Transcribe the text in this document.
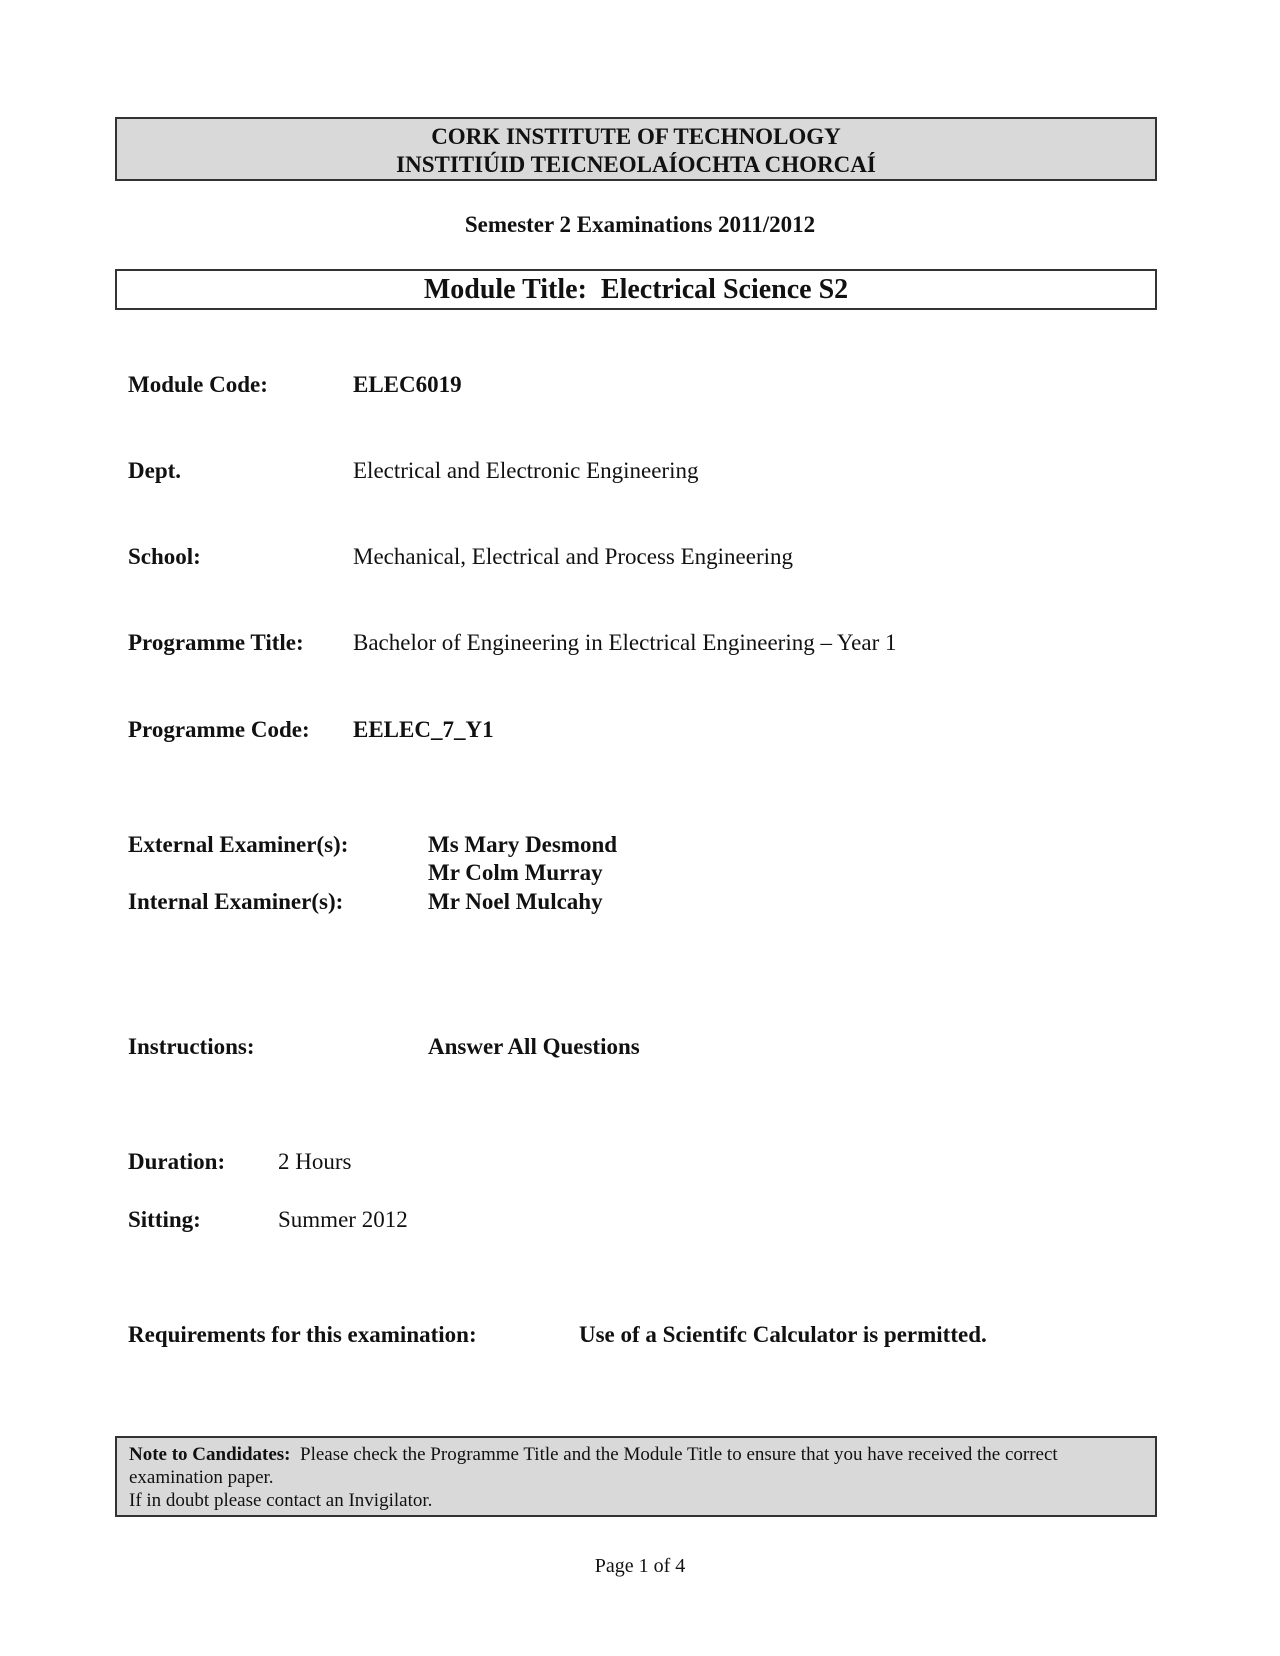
CORK INSTITUTE OF TECHNOLOGY
INSTITIÚID TEICNEOLAÍOCHTA CHORCAÍ
Semester 2 Examinations 2011/2012
Module Title:  Electrical Science S2
Module Code:	ELEC6019
Dept.	Electrical and Electronic Engineering
School:	Mechanical, Electrical and Process Engineering
Programme Title: Bachelor of Engineering in Electrical Engineering – Year 1
Programme Code: EELEC_7_Y1
External Examiner(s):	Ms Mary Desmond
Mr Colm Murray
Internal Examiner(s):	Mr Noel Mulcahy
Instructions:	Answer All Questions
Duration: 2 Hours
Sitting:	Summer 2012
Requirements for this examination:	Use of a Scientifc Calculator is permitted.
Note to Candidates: Please check the Programme Title and the Module Title to ensure that you have received the correct examination paper.
If in doubt please contact an Invigilator.
Page 1 of 4
